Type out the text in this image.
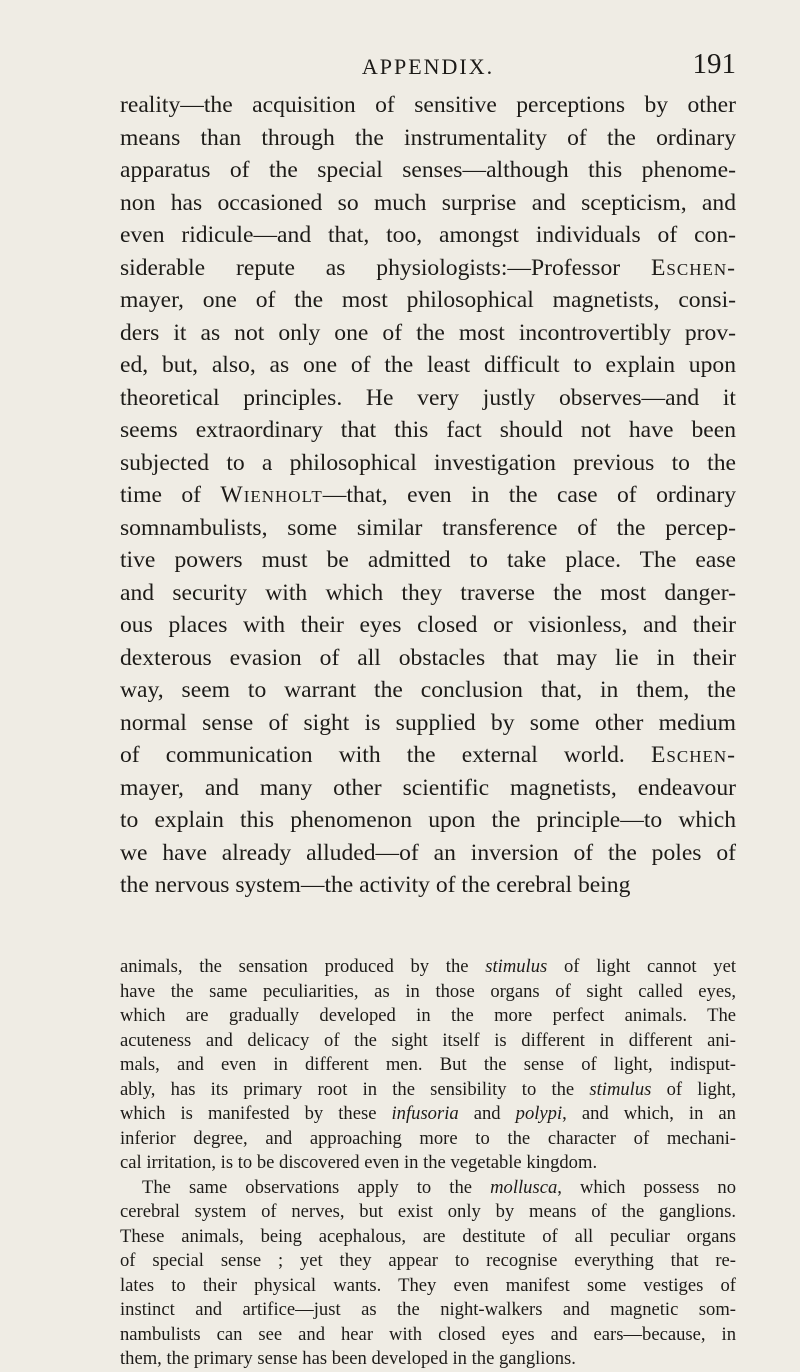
APPENDIX.	191
reality—the acquisition of sensitive perceptions by other
means than through the instrumentality of the ordinary
apparatus of the special senses—although this phenome-
non has occasioned so much surprise and scepticism, and
even ridicule—and that, too, amongst individuals of con-
siderable repute as physiologists:—Professor Eschen-
mayer, one of the most philosophical magnetists, consi-
ders it as not only one of the most incontrovertibly prov-
ed, but, also, as one of the least difficult to explain upon
theoretical principles. He very justly observes—and it
seems extraordinary that this fact should not have been
subjected to a philosophical investigation previous to the
time of Wienholt—that, even in the case of ordinary
somnambulists, some similar transference of the percep-
tive powers must be admitted to take place. The ease
and security with which they traverse the most danger-
ous places with their eyes closed or visionless, and their
dexterous evasion of all obstacles that may lie in their
way, seem to warrant the conclusion that, in them, the
normal sense of sight is supplied by some other medium
of communication with the external world. Eschen-
mayer, and many other scientific magnetists, endeavour
to explain this phenomenon upon the principle—to which
we have already alluded—of an inversion of the poles of
the nervous system—the activity of the cerebral being
animals, the sensation produced by the stimulus of light cannot yet
have the same peculiarities, as in those organs of sight called eyes,
which are gradually developed in the more perfect animals. The
acuteness and delicacy of the sight itself is different in different ani-
mals, and even in different men. But the sense of light, indisput-
ably, has its primary root in the sensibility to the stimulus of light,
which is manifested by these infusoria and polypi, and which, in an
inferior degree, and approaching more to the character of mechani-
cal irritation, is to be discovered even in the vegetable kingdom.
The same observations apply to the mollusca, which possess no
cerebral system of nerves, but exist only by means of the ganglions.
These animals, being acephalous, are destitute of all peculiar organs
of special sense ; yet they appear to recognise everything that re-
lates to their physical wants. They even manifest some vestiges of
instinct and artifice—just as the night-walkers and magnetic som-
nambulists can see and hear with closed eyes and ears—because, in
them, the primary sense has been developed in the ganglions.
